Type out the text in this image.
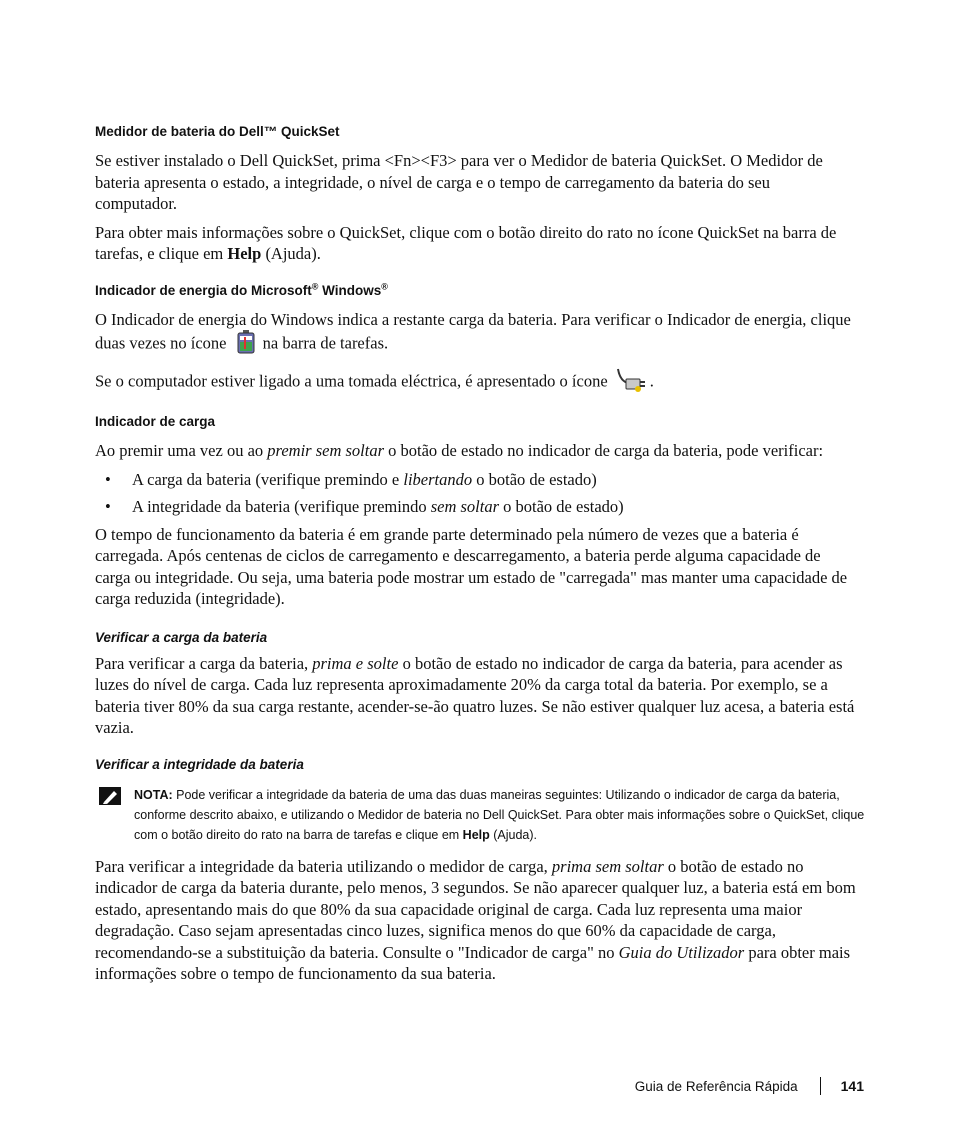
Medidor de bateria do Dell™ QuickSet

Se estiver instalado o Dell QuickSet, prima <Fn><F3> para ver o Medidor de bateria QuickSet. O Medidor de bateria apresenta o estado, a integridade, o nível de carga e o tempo de carregamento da bateria do seu computador.

Para obter mais informações sobre o QuickSet, clique com o botão direito do rato no ícone QuickSet na barra de tarefas, e clique em Help (Ajuda).

Indicador de energia do Microsoft® Windows®

O Indicador de energia do Windows indica a restante carga da bateria. Para verificar o Indicador de energia, clique duas vezes no ícone na barra de tarefas.

Se o computador estiver ligado a uma tomada eléctrica, é apresentado o ícone	.

Indicador de carga

Ao premir uma vez ou ao premir sem soltar o botão de estado no indicador de carga da bateria, pode verificar:

• A carga da bateria (verifique premindo e libertando o botão de estado)
• A integridade da bateria (verifique premindo sem soltar o botão de estado)

O tempo de funcionamento da bateria é em grande parte determinado pela número de vezes que a bateria é carregada. Após centenas de ciclos de carregamento e descarregamento, a bateria perde alguma capacidade de carga ou integridade. Ou seja, uma bateria pode mostrar um estado de "carregada" mas manter uma capacidade de carga reduzida (integridade).

Verificar a carga da bateria

Para verificar a carga da bateria, prima e solte o botão de estado no indicador de carga da bateria, para acender as luzes do nível de carga. Cada luz representa aproximadamente 20% da carga total da bateria. Por exemplo, se a bateria tiver 80% da sua carga restante, acender-se-ão quatro luzes. Se não estiver qualquer luz acesa, a bateria está vazia.

Verificar a integridade da bateria

NOTA: Pode verificar a integridade da bateria de uma das duas maneiras seguintes: Utilizando o indicador de carga da bateria, conforme descrito abaixo, e utilizando o Medidor de bateria no Dell QuickSet. Para obter mais informações sobre o QuickSet, clique com o botão direito do rato na barra de tarefas e clique em Help (Ajuda).

Para verificar a integridade da bateria utilizando o medidor de carga, prima sem soltar o botão de estado no indicador de carga da bateria durante, pelo menos, 3 segundos. Se não aparecer qualquer luz, a bateria está em bom estado, apresentando mais do que 80% da sua capacidade original de carga. Cada luz representa uma maior degradação. Caso sejam apresentadas cinco luzes, significa menos do que 60% da capacidade de carga, recomendando-se a substituição da bateria. Consulte o "Indicador de carga" no Guia do Utilizador para obter mais informações sobre o tempo de funcionamento da sua bateria.

Guia de Referência Rápida	141
